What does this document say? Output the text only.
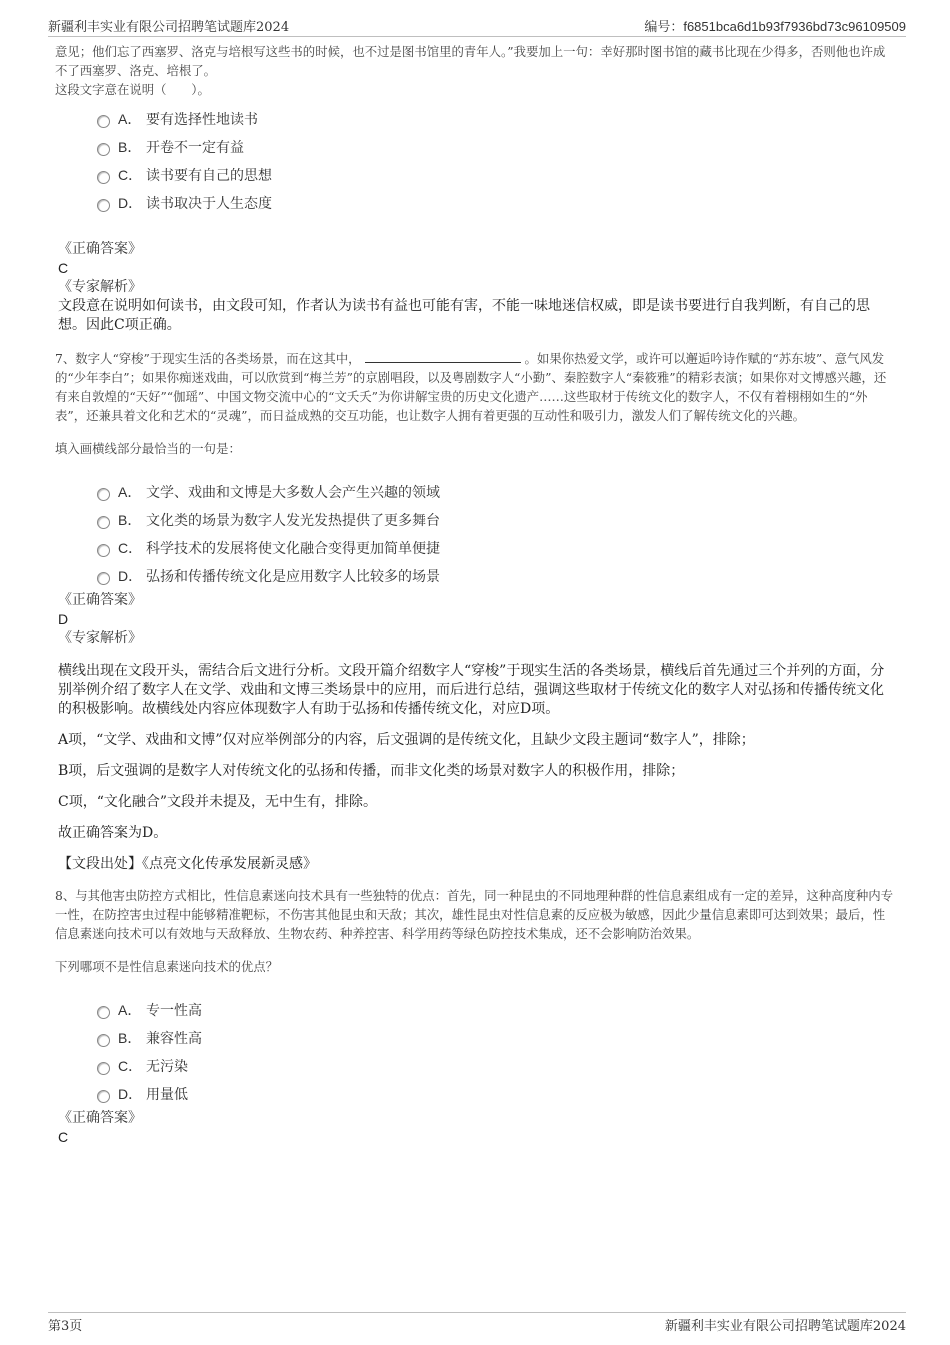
新疆利丰实业有限公司招聘笔试题库2024	编号：f6851bca6d1b93f7936bd73c96109509

意见；他们忘了西塞罗、洛克与培根写这些书的时候，也不过是图书馆里的青年人。”我要加上一句：幸好那时图书馆的藏书比现在少得多，否则他也许成不了西塞罗、洛克、培根了。

这段文字意在说明（　　）。

A． 要有选择性地读书
B． 开卷不一定有益
C． 读书要有自己的思想
D． 读书取决于人生态度

《正确答案》

C

《专家解析》

文段意在说明如何读书，由文段可知，作者认为读书有益也可能有害，不能一味地迷信权威，即是读书要进行自我判断，有自己的思想。因此C项正确。

7、数字人“穿梭”于现实生活的各类场景，而在这其中，	。如果你热爱文学，或许可以邂逅吟诗作赋的“苏东坡”、意气风发的“少年李白”；如果你痴迷戏曲，可以欣赏到“梅兰芳”的京剧唱段，以及粤剧数字人“小勤”、秦腔数字人“秦筱雅”的精彩表演；如果你对文博感兴趣，还有来自敦煌的“天好”“伽瑶”、中国文物交流中心的“文夭夭”为你讲解宝贵的历史文化遗产……这些取材于传统文化的数字人，不仅有着栩栩如生的“外表”，还兼具着文化和艺术的“灵魂”，而日益成熟的交互功能，也让数字人拥有着更强的互动性和吸引力，激发人们了解传统文化的兴趣。

填入画横线部分最恰当的一句是：

A． 文学、戏曲和文博是大多数人会产生兴趣的领域
B． 文化类的场景为数字人发光发热提供了更多舞台
C． 科学技术的发展将使文化融合变得更加简单便捷
D． 弘扬和传播传统文化是应用数字人比较多的场景

《正确答案》

D

《专家解析》

横线出现在文段开头，需结合后文进行分析。文段开篇介绍数字人“穿梭”于现实生活的各类场景，横线后首先通过三个并列的方面，分别举例介绍了数字人在文学、戏曲和文博三类场景中的应用，而后进行总结，强调这些取材于传统文化的数字人对弘扬和传播传统文化的积极影响。故横线处内容应体现数字人有助于弘扬和传播传统文化，对应D项。

A项，“文学、戏曲和文博”仅对应举例部分的内容，后文强调的是传统文化，且缺少文段主题词“数字人”，排除；

B项，后文强调的是数字人对传统文化的弘扬和传播，而非文化类的场景对数字人的积极作用，排除；

C项，“文化融合”文段并未提及，无中生有，排除。

故正确答案为D。

【文段出处】《点亮文化传承发展新灵感》

8、与其他害虫防控方式相比，性信息素迷向技术具有一些独特的优点：首先，同一种昆虫的不同地理种群的性信息素组成有一定的差异，这种高度种内专一性，在防控害虫过程中能够精准靶标，不伤害其他昆虫和天敌；其次，雄性昆虫对性信息素的反应极为敏感，因此少量信息素即可达到效果；最后，性信息素迷向技术可以有效地与天敌释放、生物农药、种养控害、科学用药等绿色防控技术集成，还不会影响防治效果。

下列哪项不是性信息素迷向技术的优点？

A． 专一性高
B． 兼容性高
C． 无污染
D． 用量低

《正确答案》

C

第3页	新疆利丰实业有限公司招聘笔试题库2024
